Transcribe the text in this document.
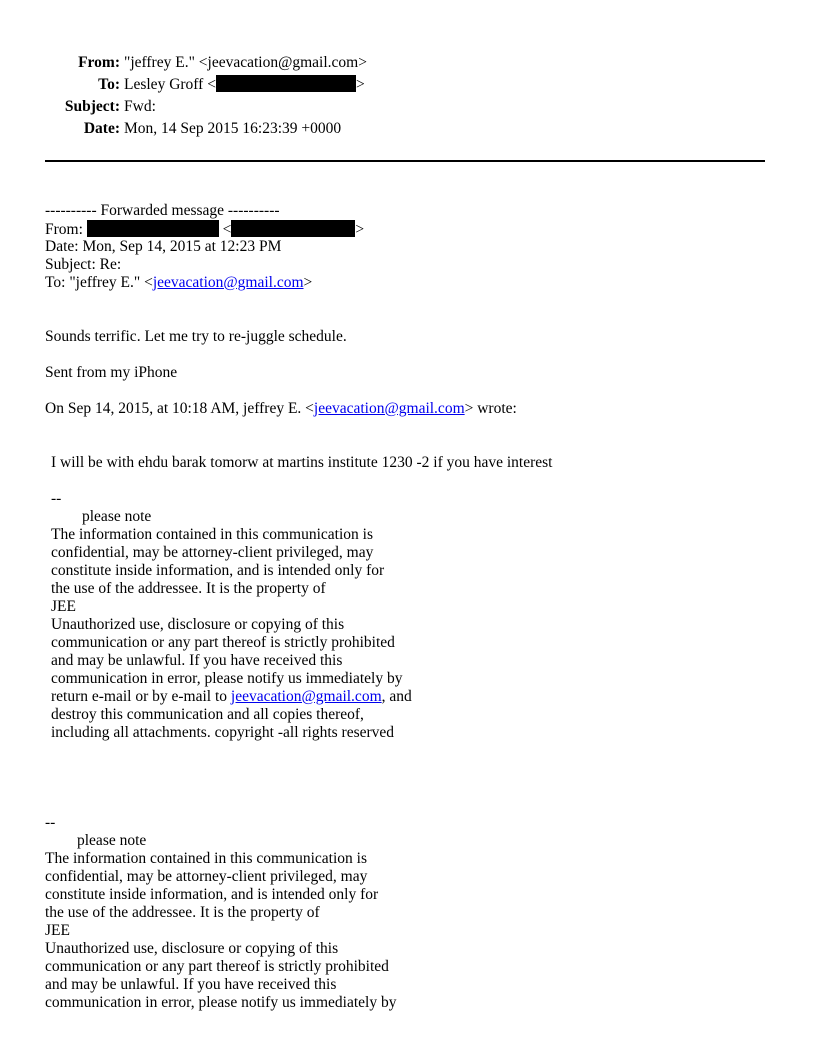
From: "jeffrey E." <jeevacation@gmail.com>
To: Lesley Groff <	>
Subject: Fwd:
Date: Mon, 14 Sep 2015 16:23:39 +0000
---------- Forwarded message ----------
From:	<	>
Date: Mon, Sep 14, 2015 at 12:23 PM
Subject: Re:
To: "jeffrey E." <jeevacation@gmail.com>
Sounds terrific. Let me try to re-juggle schedule.
Sent from my iPhone
On Sep 14, 2015, at 10:18 AM, jeffrey E. <jeevacation@gmail.com> wrote:
I will be with ehdu barak tomorw at martins institute 1230 -2 if you have interest
--
please note
The information contained in this communication is
confidential, may be attorney-client privileged, may
constitute inside information, and is intended only for
the use of the addressee. It is the property of
JEE
Unauthorized use, disclosure or copying of this
communication or any part thereof is strictly prohibited
and may be unlawful. If you have received this
communication in error, please notify us immediately by
return e-mail or by e-mail to jeevacation@gmail.com, and
destroy this communication and all copies thereof,
including all attachments. copyright -all rights reserved
--
please note
The information contained in this communication is
confidential, may be attorney-client privileged, may
constitute inside information, and is intended only for
the use of the addressee. It is the property of
JEE
Unauthorized use, disclosure or copying of this
communication or any part thereof is strictly prohibited
and may be unlawful. If you have received this
communication in error, please notify us immediately by
